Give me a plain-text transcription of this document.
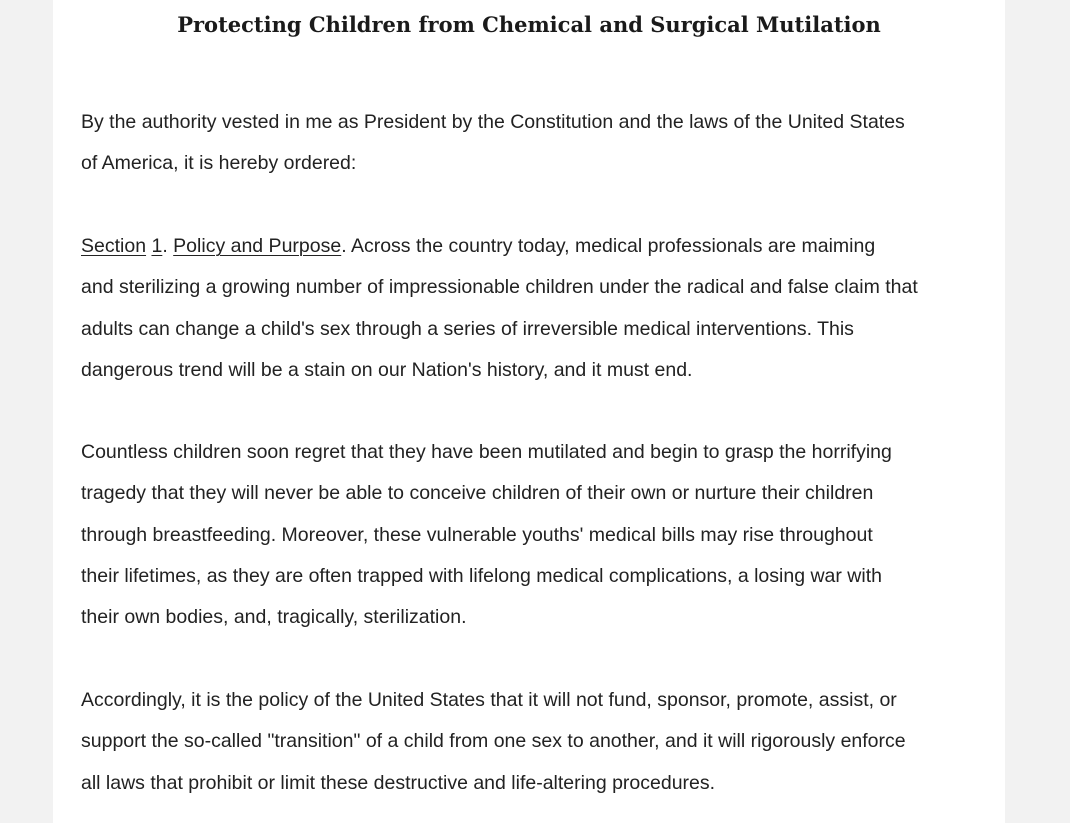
Protecting Children from Chemical and Surgical Mutilation

By the authority vested in me as President by the Constitution and the laws of the United States
of America, it is hereby ordered:

Section 1. Policy and Purpose. Across the country today, medical professionals are maiming
and sterilizing a growing number of impressionable children under the radical and false claim that
adults can change a child's sex through a series of irreversible medical interventions. This
dangerous trend will be a stain on our Nation's history, and it must end.

Countless children soon regret that they have been mutilated and begin to grasp the horrifying
tragedy that they will never be able to conceive children of their own or nurture their children
through breastfeeding. Moreover, these vulnerable youths' medical bills may rise throughout
their lifetimes, as they are often trapped with lifelong medical complications, a losing war with
their own bodies, and, tragically, sterilization.

Accordingly, it is the policy of the United States that it will not fund, sponsor, promote, assist, or
support the so-called "transition" of a child from one sex to another, and it will rigorously enforce
all laws that prohibit or limit these destructive and life-altering procedures.
